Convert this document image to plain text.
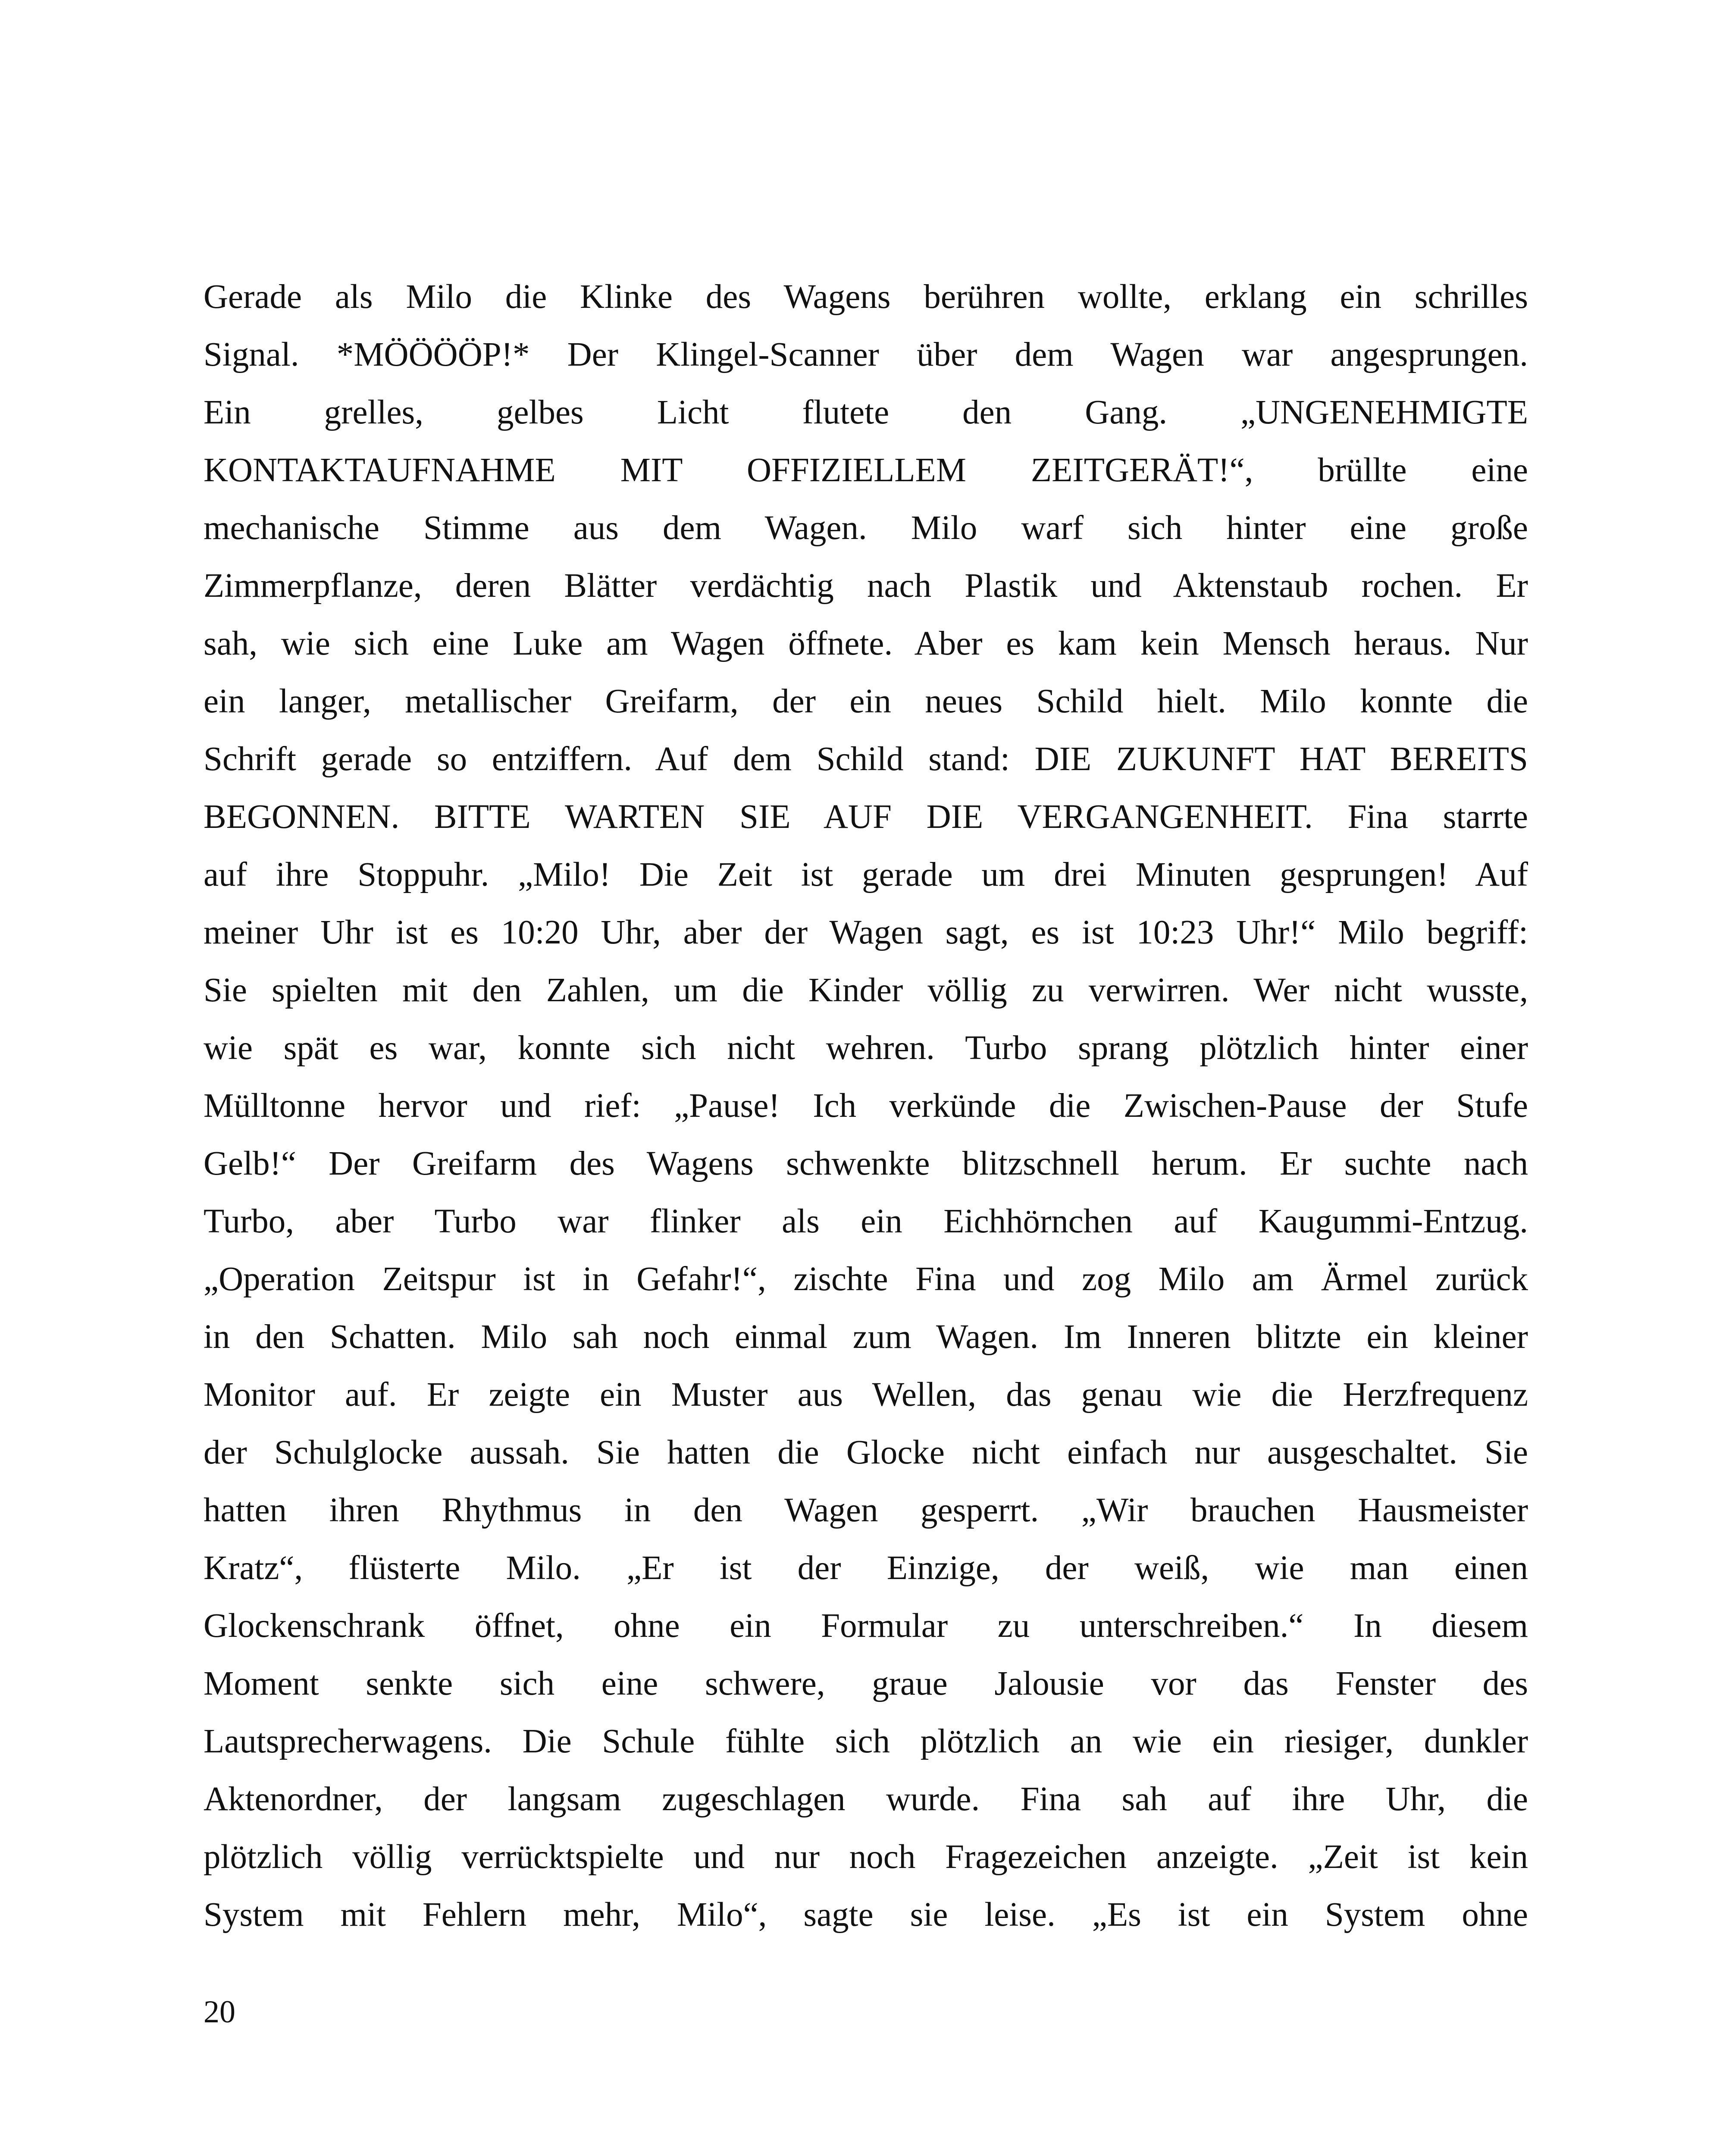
Gerade als Milo die Klinke des Wagens berühren wollte, erklang ein schrilles
Signal. *MÖÖÖÖP!* Der Klingel-Scanner über dem Wagen war angesprungen.
Ein grelles, gelbes Licht flutete den Gang. „UNGENEHMIGTE
KONTAKTAUFNAHME MIT OFFIZIELLEM ZEITGERÄT!“, brüllte eine
mechanische Stimme aus dem Wagen. Milo warf sich hinter eine große
Zimmerpflanze, deren Blätter verdächtig nach Plastik und Aktenstaub rochen. Er
sah, wie sich eine Luke am Wagen öffnete. Aber es kam kein Mensch heraus. Nur
ein langer, metallischer Greifarm, der ein neues Schild hielt. Milo konnte die
Schrift gerade so entziffern. Auf dem Schild stand: DIE ZUKUNFT HAT BEREITS
BEGONNEN. BITTE WARTEN SIE AUF DIE VERGANGENHEIT. Fina starrte
auf ihre Stoppuhr. „Milo! Die Zeit ist gerade um drei Minuten gesprungen! Auf
meiner Uhr ist es 10:20 Uhr, aber der Wagen sagt, es ist 10:23 Uhr!“ Milo begriff:
Sie spielten mit den Zahlen, um die Kinder völlig zu verwirren. Wer nicht wusste,
wie spät es war, konnte sich nicht wehren. Turbo sprang plötzlich hinter einer
Mülltonne hervor und rief: „Pause! Ich verkünde die Zwischen-Pause der Stufe
Gelb!“ Der Greifarm des Wagens schwenkte blitzschnell herum. Er suchte nach
Turbo, aber Turbo war flinker als ein Eichhörnchen auf Kaugummi-Entzug.
„Operation Zeitspur ist in Gefahr!“, zischte Fina und zog Milo am Ärmel zurück
in den Schatten. Milo sah noch einmal zum Wagen. Im Inneren blitzte ein kleiner
Monitor auf. Er zeigte ein Muster aus Wellen, das genau wie die Herzfrequenz
der Schulglocke aussah. Sie hatten die Glocke nicht einfach nur ausgeschaltet. Sie
hatten ihren Rhythmus in den Wagen gesperrt. „Wir brauchen Hausmeister
Kratz“, flüsterte Milo. „Er ist der Einzige, der weiß, wie man einen
Glockenschrank öffnet, ohne ein Formular zu unterschreiben.“ In diesem
Moment senkte sich eine schwere, graue Jalousie vor das Fenster des
Lautsprecherwagens. Die Schule fühlte sich plötzlich an wie ein riesiger, dunkler
Aktenordner, der langsam zugeschlagen wurde. Fina sah auf ihre Uhr, die
plötzlich völlig verrücktspielte und nur noch Fragezeichen anzeigte. „Zeit ist kein
System mit Fehlern mehr, Milo“, sagte sie leise. „Es ist ein System ohne
20
